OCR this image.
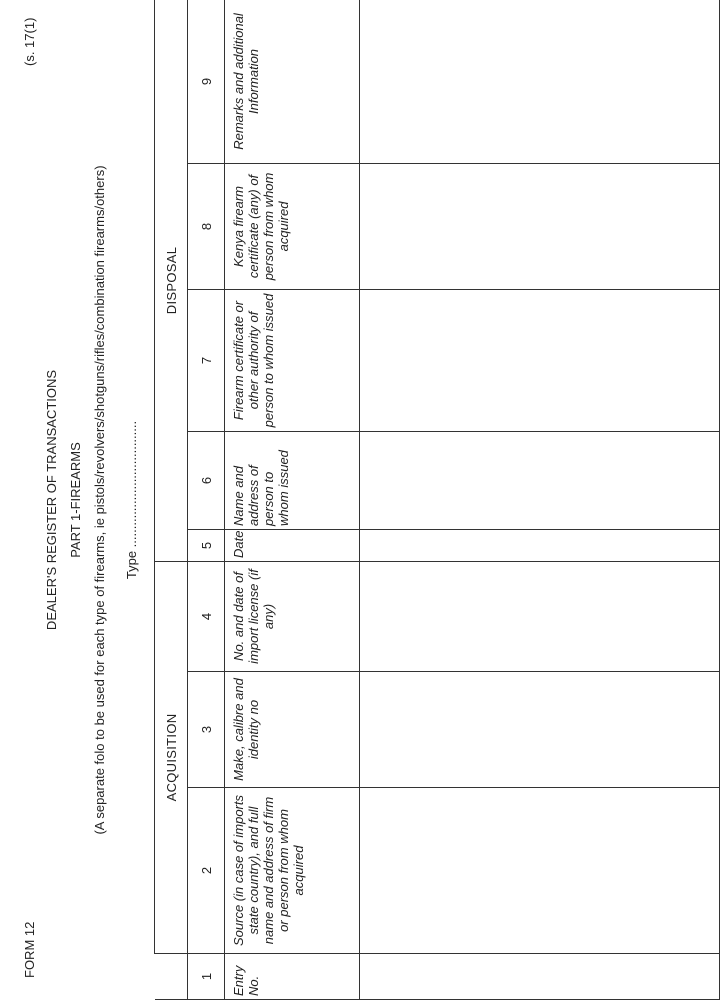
FORM 12
(s. 17(1)
DEALER'S REGISTER OF TRANSACTIONS PART 1-FIREARMS (A separate folo to be used for each type of firearms, ie pistols/revolvers/shotguns/rifles/combination firearms/others) Type ...................................
	ACQUISITION			DISPOSAL				
1	2	3	4	5	6	7	8	9
Entry No.	Source (in case of imports state country), and full name and address of firm or person from whom acquired	Make, calibre and identity no	No. and date of import license (if any)	Date	Name and address of person to whom issued	Firearm certificate or other authority of person to whom issued	Kenya firearm certificate (any) of person from whom acquired	Remarks and additional Information
